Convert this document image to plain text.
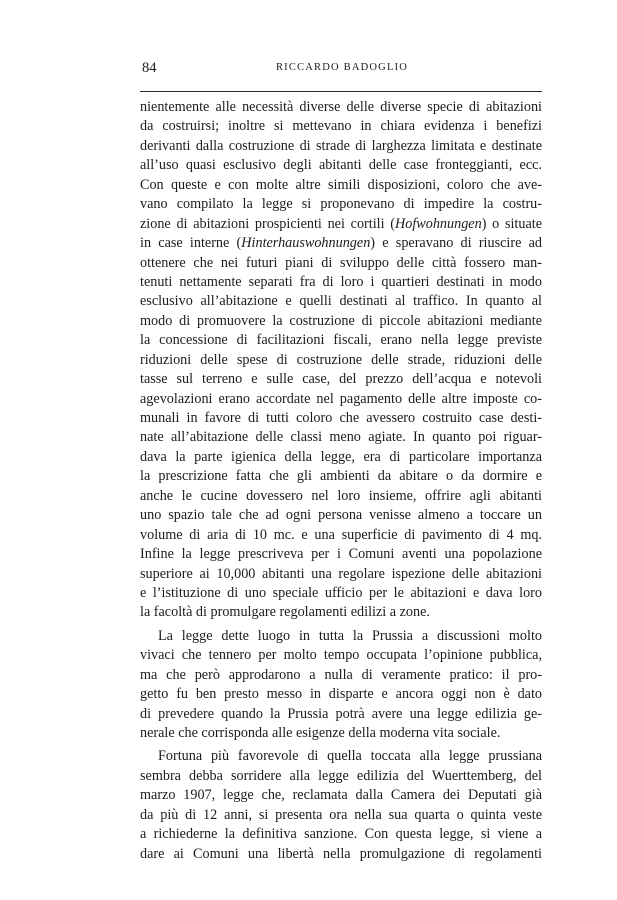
84	RICCARDO BADOGLIO
nientemente alle necessità diverse delle diverse specie di abitazioni
da costruirsi; inoltre si mettevano in chiara evidenza i benefizi
derivanti dalla costruzione di strade di larghezza limitata e destinate
all’uso quasi esclusivo degli abitanti delle case fronteggianti, ecc.
Con queste e con molte altre simili disposizioni, coloro che ave-
vano compilato la legge si proponevano di impedire la costru-
zione di abitazioni prospicienti nei cortili (Hofwohnungen) o situate
in case interne (Hinterhauswohnungen) e speravano di riuscire ad
ottenere che nei futuri piani di sviluppo delle città fossero man-
tenuti nettamente separati fra di loro i quartieri destinati in modo
esclusivo all’abitazione e quelli destinati al traffico. In quanto al
modo di promuovere la costruzione di piccole abitazioni mediante
la concessione di facilitazioni fiscali, erano nella legge previste
riduzioni delle spese di costruzione delle strade, riduzioni delle
tasse sul terreno e sulle case, del prezzo dell’acqua e notevoli
agevolazioni erano accordate nel pagamento delle altre imposte co-
munali in favore di tutti coloro che avessero costruito case desti-
nate all’abitazione delle classi meno agiate. In quanto poi riguar-
dava la parte igienica della legge, era di particolare importanza
la prescrizione fatta che gli ambienti da abitare o da dormire e
anche le cucine dovessero nel loro insieme, offrire agli abitanti
uno spazio tale che ad ogni persona venisse almeno a toccare un
volume di aria di 10 mc. e una superficie di pavimento di 4 mq.
Infine la legge prescriveva per i Comuni aventi una popolazione
superiore ai 10,000 abitanti una regolare ispezione delle abitazioni
e l’istituzione di uno speciale ufficio per le abitazioni e dava loro
la facoltà di promulgare regolamenti edilizi a zone.
La legge dette luogo in tutta la Prussia a discussioni molto
vivaci che tennero per molto tempo occupata l’opinione pubblica,
ma che però approdarono a nulla di veramente pratico: il pro-
getto fu ben presto messo in disparte e ancora oggi non è dato
di prevedere quando la Prussia potrà avere una legge edilizia ge-
nerale che corrisponda alle esigenze della moderna vita sociale.
Fortuna più favorevole di quella toccata alla legge prussiana
sembra debba sorridere alla legge edilizia del Wuerttemberg, del
marzo 1907, legge che, reclamata dalla Camera dei Deputati già
da più di 12 anni, si presenta ora nella sua quarta o quinta veste
a richiederne la definitiva sanzione. Con questa legge, si viene a
dare ai Comuni una libertà nella promulgazione di regolamenti
